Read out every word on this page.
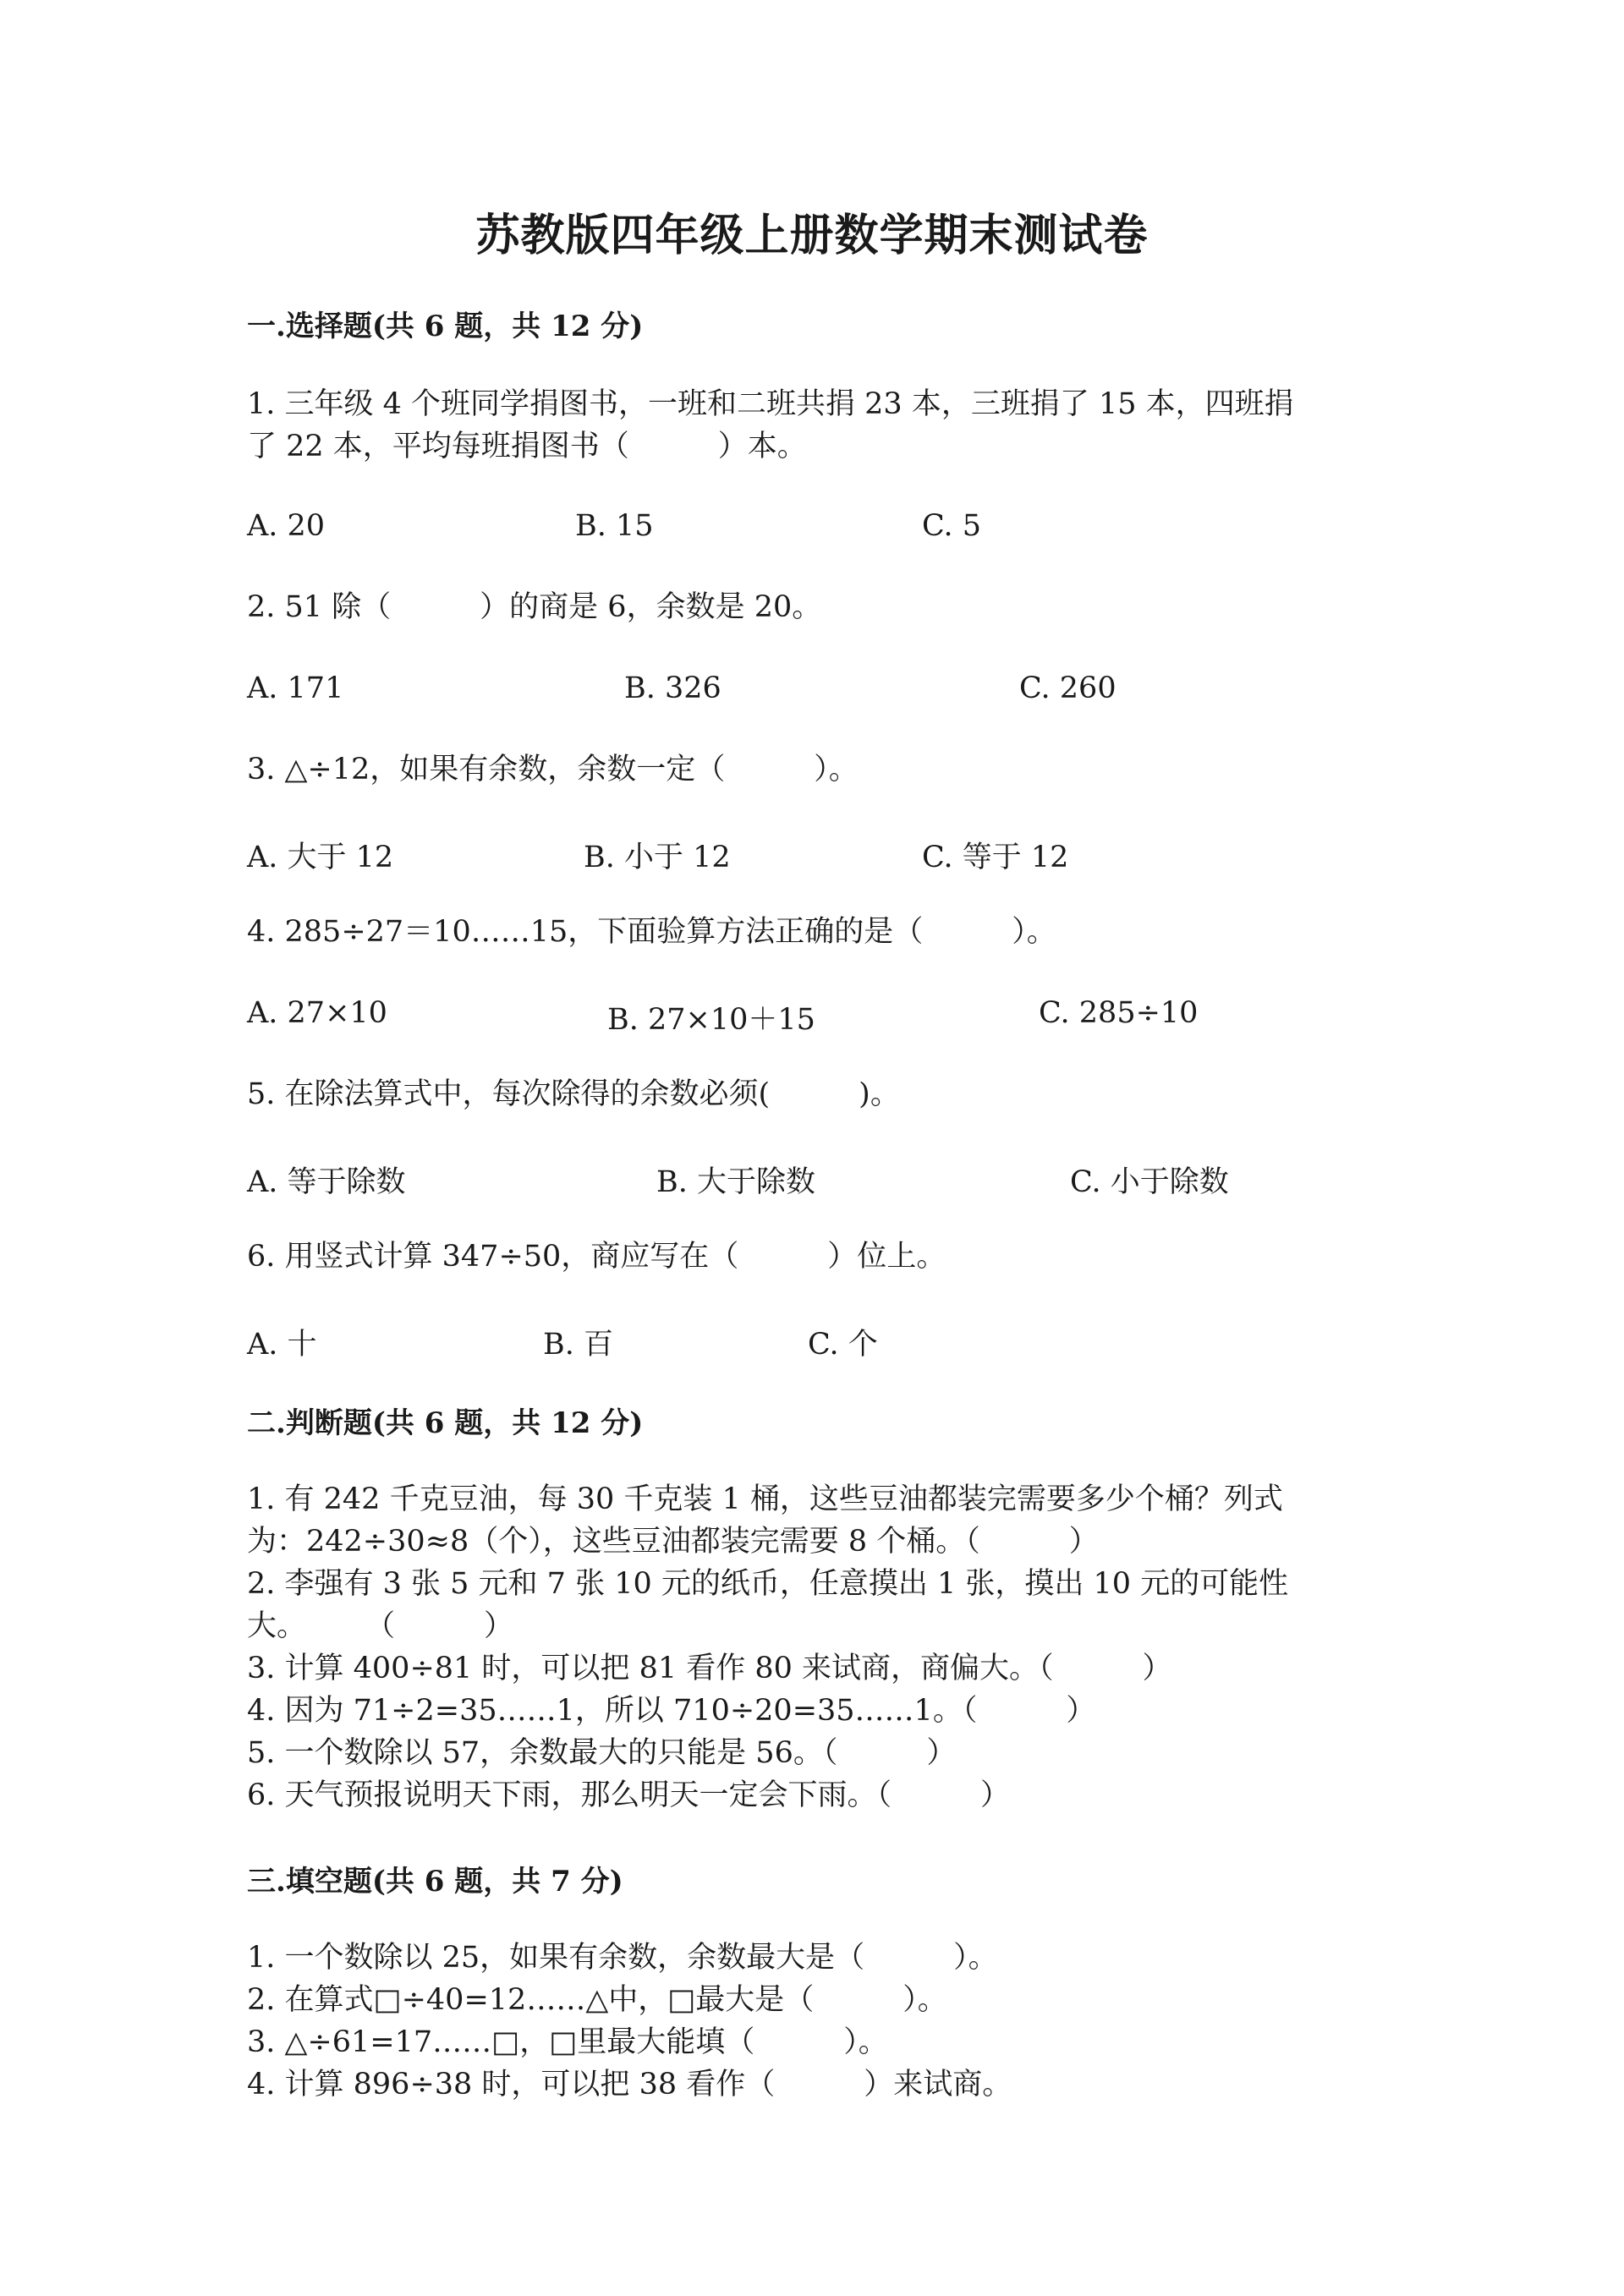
苏教版四年级上册数学期末测试卷
一.选择题(共 6 题，共 12 分)
1. 三年级 4 个班同学捐图书，一班和二班共捐 23 本，三班捐了 15 本，四班捐
了 22 本，平均每班捐图书（　　　）本。
A. 20	B. 15	C. 5
2. 51 除（　　　）的商是 6，余数是 20。
A. 171	B. 326	C. 260
3. △÷12，如果有余数，余数一定（　　　）。
A. 大于 12	B. 小于 12	C. 等于 12
4. 285÷27＝10……15，下面验算方法正确的是（　　　）。
A. 27×10	B. 27×10＋15	C. 285÷10
5. 在除法算式中，每次除得的余数必须(　　　)。
A. 等于除数	B. 大于除数	C. 小于除数
6. 用竖式计算 347÷50，商应写在（　　　）位上。
A. 十	B. 百	C. 个
二.判断题(共 6 题，共 12 分)
1. 有 242 千克豆油，每 30 千克装 1 桶，这些豆油都装完需要多少个桶？列式
为：242÷30≈8（个），这些豆油都装完需要 8 个桶。（　　　）
2. 李强有 3 张 5 元和 7 张 10 元的纸币，任意摸出 1 张，摸出 10 元的可能性
大。　　　（　　　）
3. 计算 400÷81 时，可以把 81 看作 80 来试商，商偏大。（　　　）
4. 因为 71÷2=35……1，所以 710÷20=35……1。（　　　）
5. 一个数除以 57，余数最大的只能是 56。（　　　）
6. 天气预报说明天下雨，那么明天一定会下雨。（　　　）
三.填空题(共 6 题，共 7 分)
1. 一个数除以 25，如果有余数，余数最大是（　　　）。
2. 在算式□÷40=12……△中，□最大是（　　　）。
3. △÷61=17……□，□里最大能填（　　　）。
4. 计算 896÷38 时，可以把 38 看作（　　　）来试商。
